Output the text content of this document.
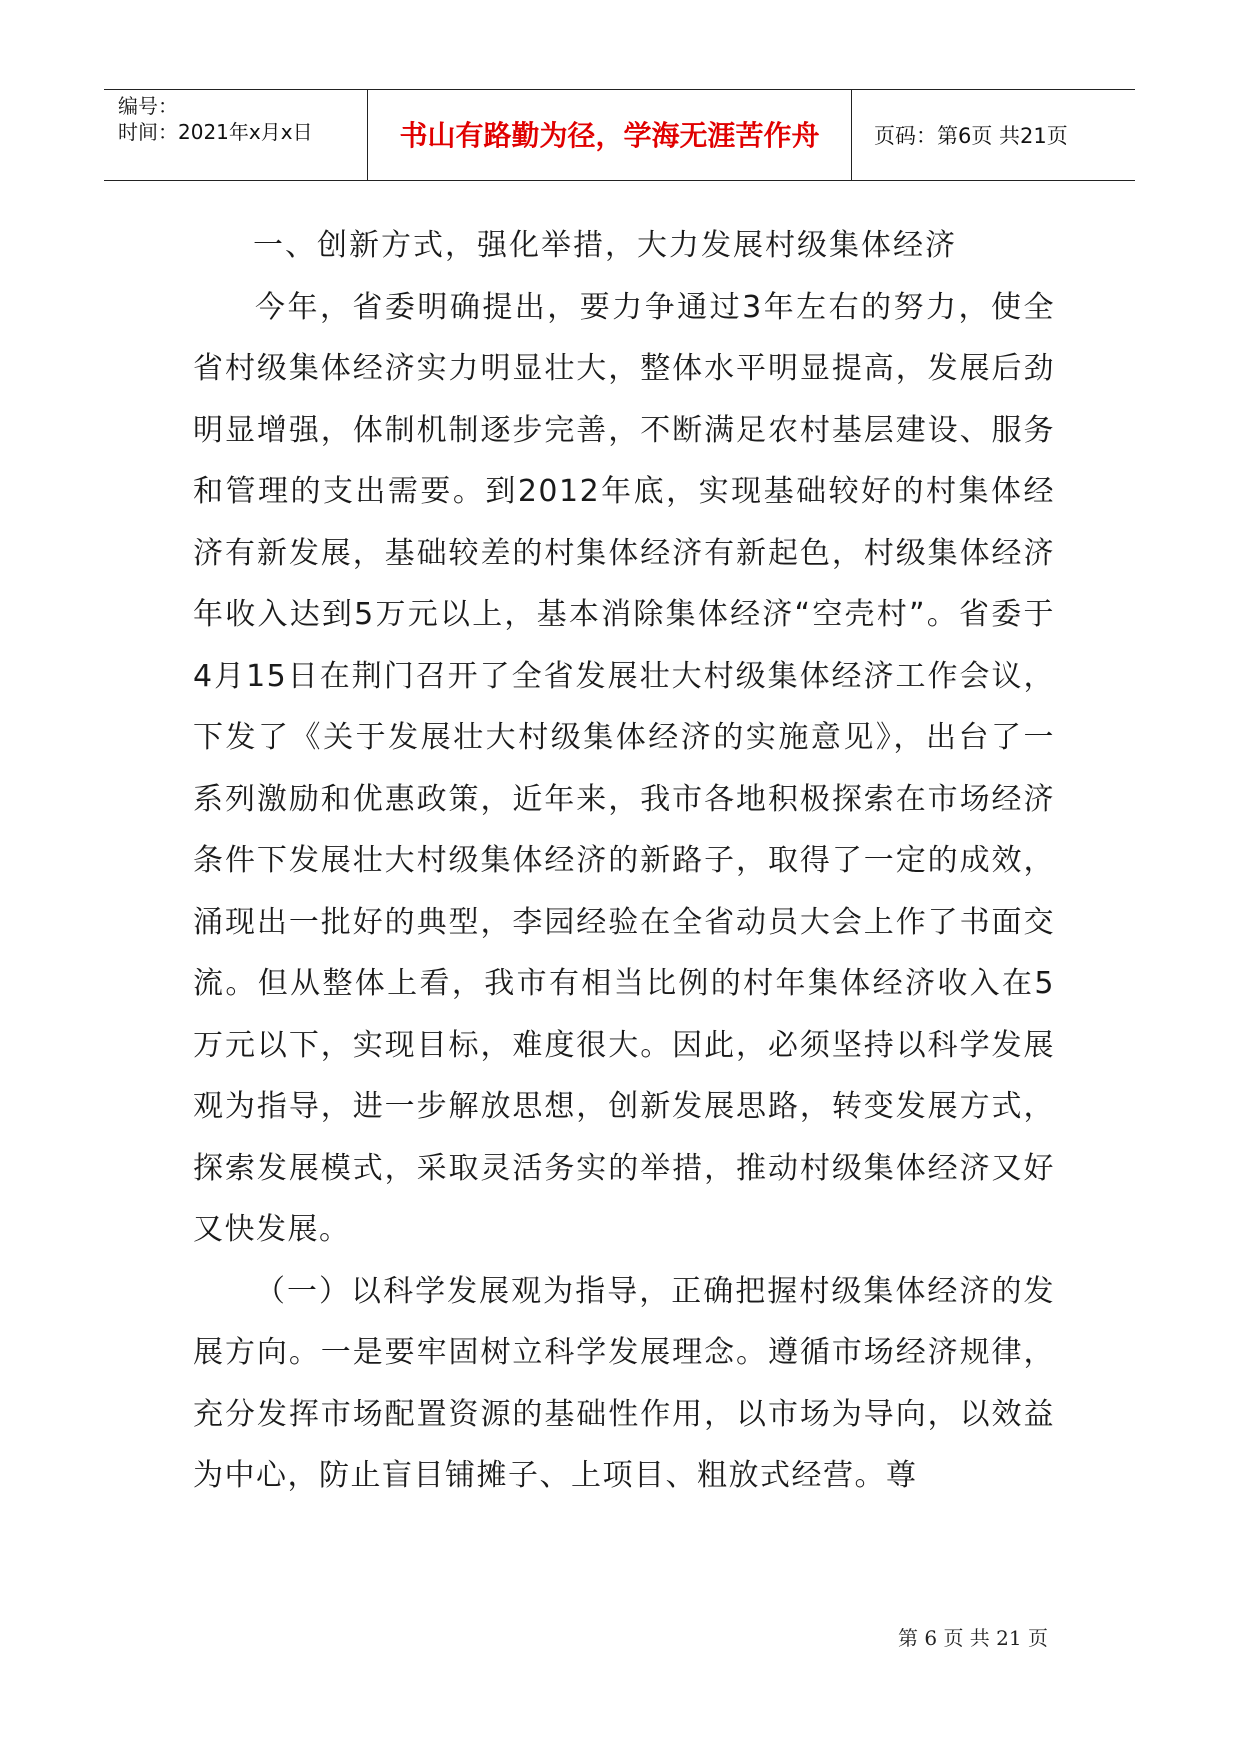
编号：
时间：2021年x月x日	书山有路勤为径，学海无涯苦作舟	页码：第6页 共21页

一、创新方式，强化举措，大力发展村级集体经济

今年，省委明确提出，要力争通过3年左右的努力，使全省村级集体经济实力明显壮大，整体水平明显提高，发展后劲明显增强，体制机制逐步完善，不断满足农村基层建设、服务和管理的支出需要。到2012年底，实现基础较好的村集体经济有新发展，基础较差的村集体经济有新起色，村级集体经济年收入达到5万元以上，基本消除集体经济“空壳村”。省委于4月15日在荆门召开了全省发展壮大村级集体经济工作会议，下发了《关于发展壮大村级集体经济的实施意见》，出台了一系列激励和优惠政策，近年来，我市各地积极探索在市场经济条件下发展壮大村级集体经济的新路子，取得了一定的成效，涌现出一批好的典型，李园经验在全省动员大会上作了书面交流。但从整体上看，我市有相当比例的村年集体经济收入在5万元以下，实现目标，难度很大。因此，必须坚持以科学发展观为指导，进一步解放思想，创新发展思路，转变发展方式，探索发展模式，采取灵活务实的举措，推动村级集体经济又好又快发展。

（一）以科学发展观为指导，正确把握村级集体经济的发展方向。一是要牢固树立科学发展理念。遵循市场经济规律，充分发挥市场配置资源的基础性作用，以市场为导向，以效益为中心，防止盲目铺摊子、上项目、粗放式经营。尊

第 6 页 共 21 页
